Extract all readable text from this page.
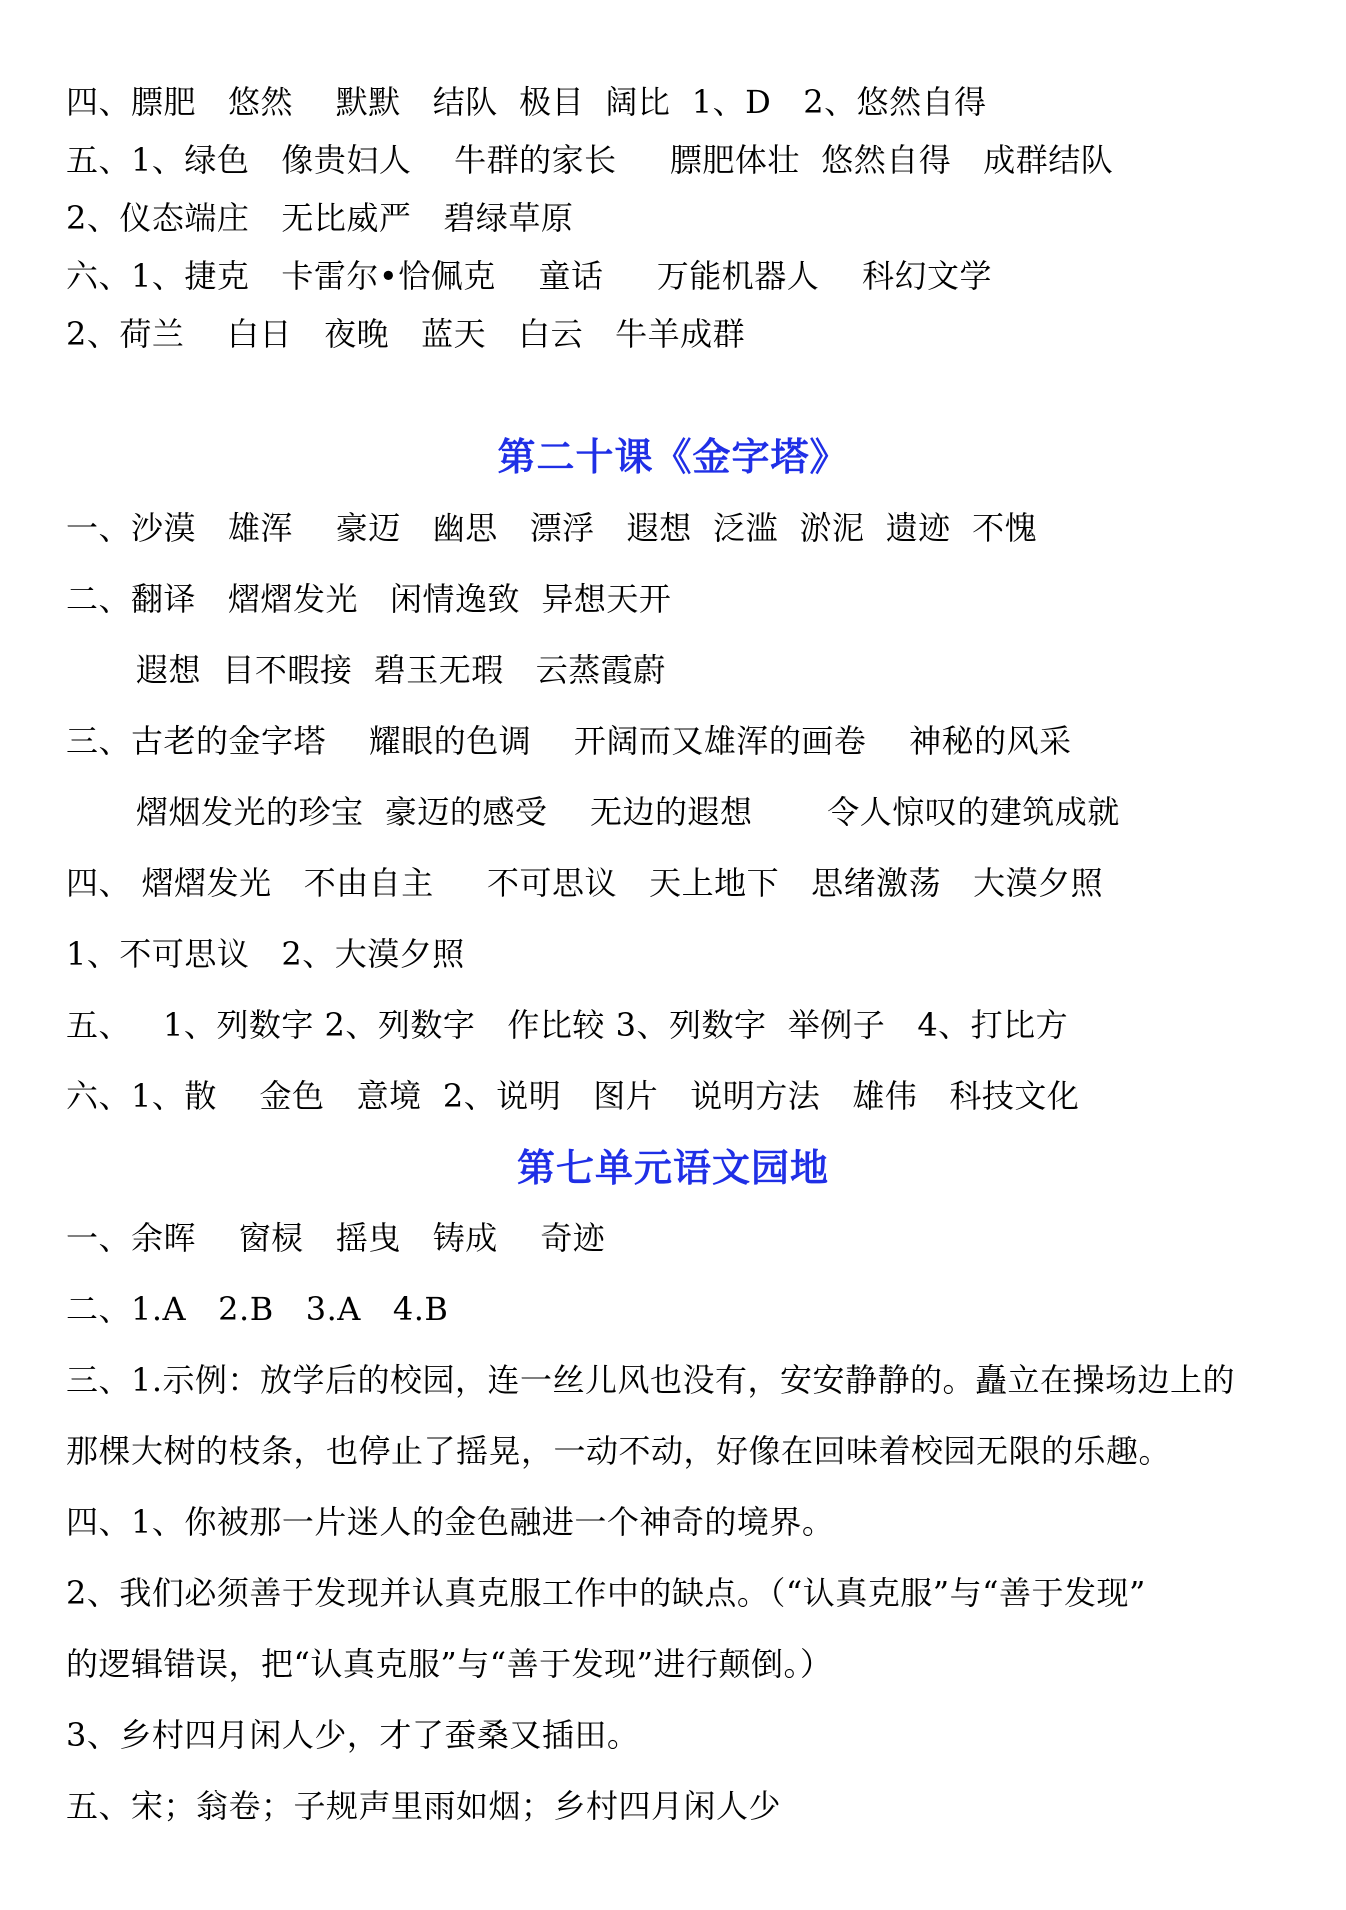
四、膘肥   悠然    默默   结队  极目  阔比  1、D   2、悠然自得
五、1、绿色   像贵妇人    牛群的家长     膘肥体壮  悠然自得   成群结队
2、仪态端庄   无比威严   碧绿草原
六、1、捷克   卡雷尔•恰佩克    童话     万能机器人    科幻文学
2、荷兰    白日   夜晚   蓝天   白云   牛羊成群
第二十课《金字塔》
一、沙漠   雄浑    豪迈   幽思   漂浮   遐想  泛滥  淤泥  遗迹  不愧
二、翻译   熠熠发光   闲情逸致  异想天开
遐想  目不暇接  碧玉无瑕   云蒸霞蔚
三、古老的金字塔    耀眼的色调    开阔而又雄浑的画卷    神秘的风采
熠烟发光的珍宝  豪迈的感受    无边的遐想       令人惊叹的建筑成就
四、 熠熠发光   不由自主     不可思议   天上地下   思绪激荡   大漠夕照
1、不可思议   2、大漠夕照
五、   1、列数字 2、列数字   作比较 3、列数字  举例子   4、打比方
六、1、散    金色   意境  2、说明   图片   说明方法   雄伟   科技文化
第七单元语文园地
一、余晖    窗棂   摇曳   铸成    奇迹
二、1.A   2.B   3.A   4.B
三、1.示例：放学后的校园，连一丝儿风也没有，安安静静的。矗立在操场边上的
那棵大树的枝条，也停止了摇晃，一动不动，好像在回味着校园无限的乐趣。
四、1、你被那一片迷人的金色融进一个神奇的境界。
2、我们必须善于发现并认真克服工作中的缺点。（“认真克服”与“善于发现”
的逻辑错误，把“认真克服”与“善于发现”进行颠倒。）
3、乡村四月闲人少，才了蚕桑又插田。
五、宋；翁卷；子规声里雨如烟；乡村四月闲人少
